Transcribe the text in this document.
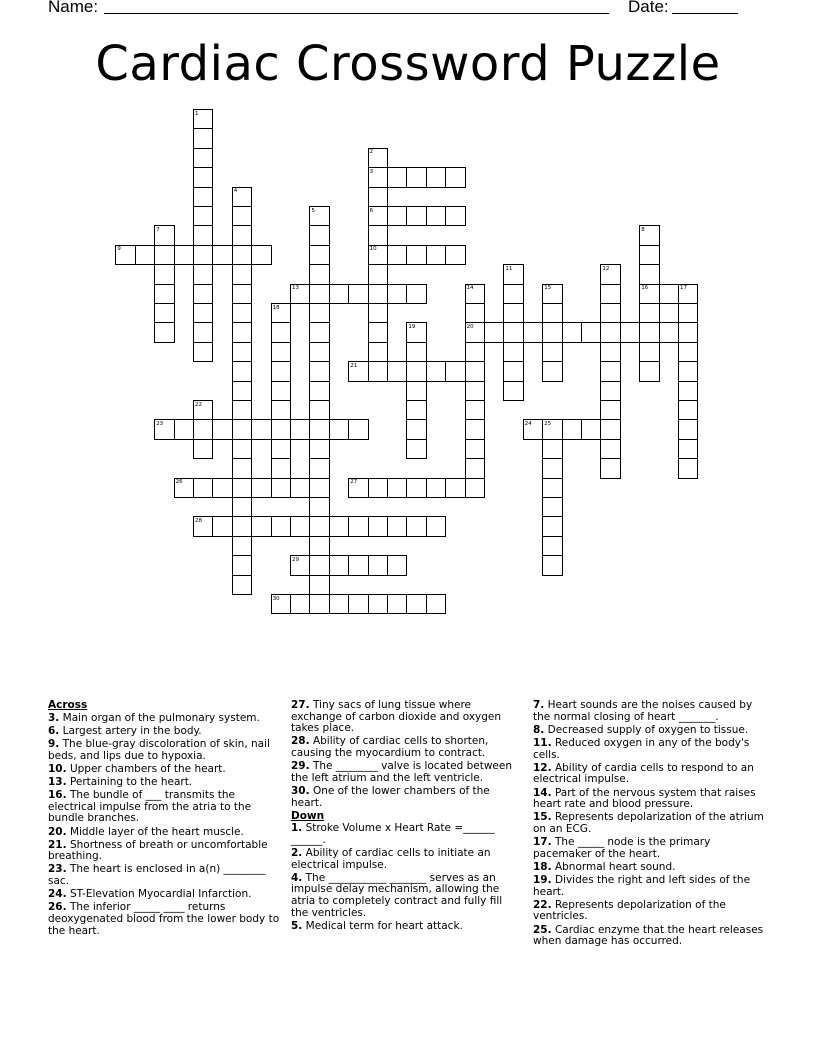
Name:	Date:
Cardiac Crossword Puzzle
1
2
3
4
5	6
7	8
9	10
11	12
13	14	15	16	17
18
19	20
21
22
23	24 25
26	27
28
29
30

Across

3. Main organ of the pulmonary system.

6. Largest artery in the body.

9. The blue-gray discoloration of skin, nail beds, and lips due to hypoxia.

10. Upper chambers of the heart.

13. Pertaining to the heart.

16. The bundle of ___ transmits the electrical impulse from the atria to the bundle branches.

20. Middle layer of the heart muscle.

21. Shortness of breath or uncomfortable breathing.

23. The heart is enclosed in a(n) ________ sac.

24. ST-Elevation Myocardial Infarction.

26. The inferior _____ ____ returns deoxygenated blood from the lower body to the heart.

27. Tiny sacs of lung tissue where exchange of carbon dioxide and oxygen takes place.

28. Ability of cardiac cells to shorten, causing the myocardium to contract.

29. The ________ valve is located between the left atrium and the left ventricle.

30. One of the lower chambers of the heart.

Down

1. Stroke Volume x Heart Rate =______ ______.

2. Ability of cardiac cells to initiate an electrical impulse.

4. The ___________ _______ serves as an impulse delay mechanism, allowing the atria to completely contract and fully fill the ventricles.

5. Medical term for heart attack.

7. Heart sounds are the noises caused by the normal closing of heart _______.

8. Decreased supply of oxygen to tissue.

11. Reduced oxygen in any of the body's cells.

12. Ability of cardia cells to respond to an electrical impulse.

14. Part of the nervous system that raises heart rate and blood pressure.

15. Represents depolarization of the atrium on an ECG.

17. The _____ node is the primary pacemaker of the heart.

18. Abnormal heart sound.

19. Divides the right and left sides of the heart.

22. Represents depolarization of the ventricles.

25. Cardiac enzyme that the heart releases when damage has occurred.
